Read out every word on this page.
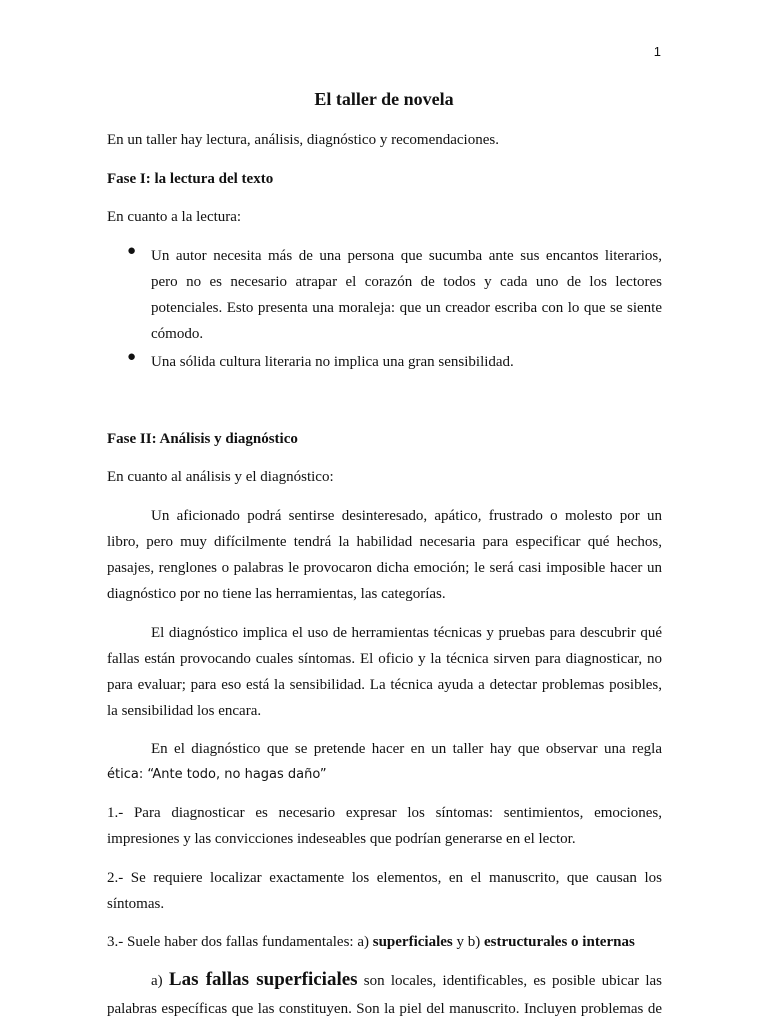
1
El taller de novela
En un taller hay lectura, análisis, diagnóstico y recomendaciones.
Fase I: la lectura del texto
En cuanto a la lectura:
● Un autor necesita más de una persona que sucumba ante sus encantos literarios,
pero no es necesario atrapar el corazón de todos y cada uno de los lectores
potenciales. Esto presenta una moraleja: que un creador escriba con lo que se siente
cómodo.
● Una sólida cultura literaria no implica una gran sensibilidad.
Fase II: Análisis y diagnóstico
En cuanto al análisis y el diagnóstico:
Un aficionado podrá sentirse desinteresado, apático, frustrado o molesto por un
libro, pero muy difícilmente tendrá la habilidad necesaria para especificar qué hechos,
pasajes, renglones o palabras le provocaron dicha emoción; le será casi imposible hacer un
diagnóstico por no tiene las herramientas, las categorías.
El diagnóstico implica el uso de herramientas técnicas y pruebas para descubrir qué
fallas están provocando cuales síntomas. El oficio y la técnica sirven para diagnosticar, no
para evaluar; para eso está la sensibilidad. La técnica ayuda a detectar problemas posibles,
la sensibilidad los encara.
En el diagnóstico que se pretende hacer en un taller hay que observar una regla
ética: “Ante todo, no hagas daño”
1.- Para diagnosticar es necesario expresar los síntomas: sentimientos, emociones,
impresiones y las convicciones indeseables que podrían generarse en el lector.
2.- Se requiere localizar exactamente los elementos, en el manuscrito, que causan los
síntomas.
3.- Suele haber dos fallas fundamentales: a) superficiales y b) estructurales o internas
a) Las fallas superficiales son locales, identificables, es posible ubicar las
palabras específicas que las constituyen. Son la piel del manuscrito. Incluyen problemas de
